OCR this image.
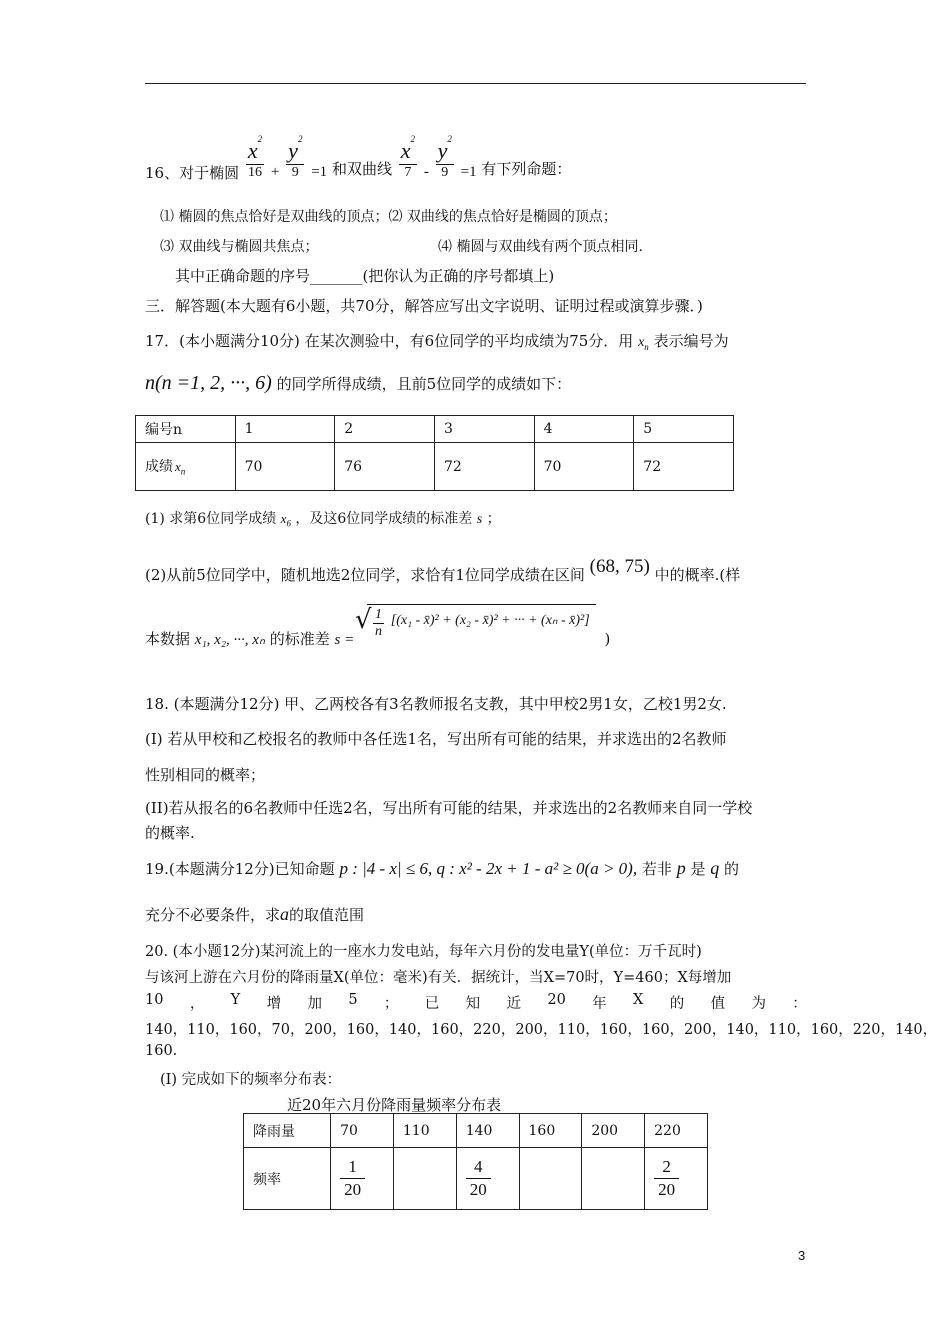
16、对于椭圆 $\frac{x^2}{16} + \frac{y^2}{9} =1$ 和双曲线 $\frac{x^2}{7} - \frac{y^2}{9} =1$ 有下列命题：
⑴ 椭圆的焦点恰好是双曲线的顶点；⑵ 双曲线的焦点恰好是椭圆的顶点；
⑶ 双曲线与椭圆共焦点；	⑷ 椭圆与双曲线有两个顶点相同.
其中正确命题的序号_______(把你认为正确的序号都填上)
三．解答题(本大题有6小题，共70分，解答应写出文字说明、证明过程或演算步骤．)
17．(本小题满分10分) 在某次测验中，有6位同学的平均成绩为75分．用 $x_n$ 表示编号为
n(n =1, 2, ···, 6) 的同学所得成绩，且前5位同学的成绩如下：
编号n	1	2	3	4	5
成绩 $x_n$	70	76	72	70	72
(1) 求第6位同学成绩 $x_6$ ，及这6位同学成绩的标准差 s ；
(2)从前5位同学中，随机地选2位同学，求恰有1位同学成绩在区间 (68, 75) 中的概率.(样
本数据 x₁, x₂, ···, xₙ 的标准差 s = √ $\frac{1}{n} [(x_1$ - x̄)² + (x₂ - x̄)² + ··· + (xₙ - x̄)²] )
18. (本题满分12分) 甲、乙两校各有3名教师报名支教，其中甲校2男1女，乙校1男2女.
(I) 若从甲校和乙校报名的教师中各任选1名，写出所有可能的结果，并求选出的2名教师
性别相同的概率；
(II)若从报名的6名教师中任选2名，写出所有可能的结果，并求选出的2名教师来自同一学校
的概率.
19.(本题满分12分)已知命题 p : |4 - x| ≤ 6, q : x² - 2x + 1 - a² ≥ 0(a > 0), 若非 p 是 q 的
充分不必要条件，求a的取值范围
20. (本小题12分)某河流上的一座水力发电站，每年六月份的发电量Y(单位：万千瓦时)
与该河上游在六月份的降雨量X(单位：毫米)有关．据统计，当X=70时，Y=460；X每增加
10 ， Y 增 加 5 ； 已 知 近 20 年 X 的 值 为 ：
140，110，160，70，200，160，140，160，220，200，110，160，160，200，140，110，160，220，140，
160.
(I) 完成如下的频率分布表：
近20年六月份降雨量频率分布表
降雨量	70	110	140	160	200	220
频率	$\frac{1}{20}$		$\frac{4}{20}$			$\frac{2}{20}$
3
